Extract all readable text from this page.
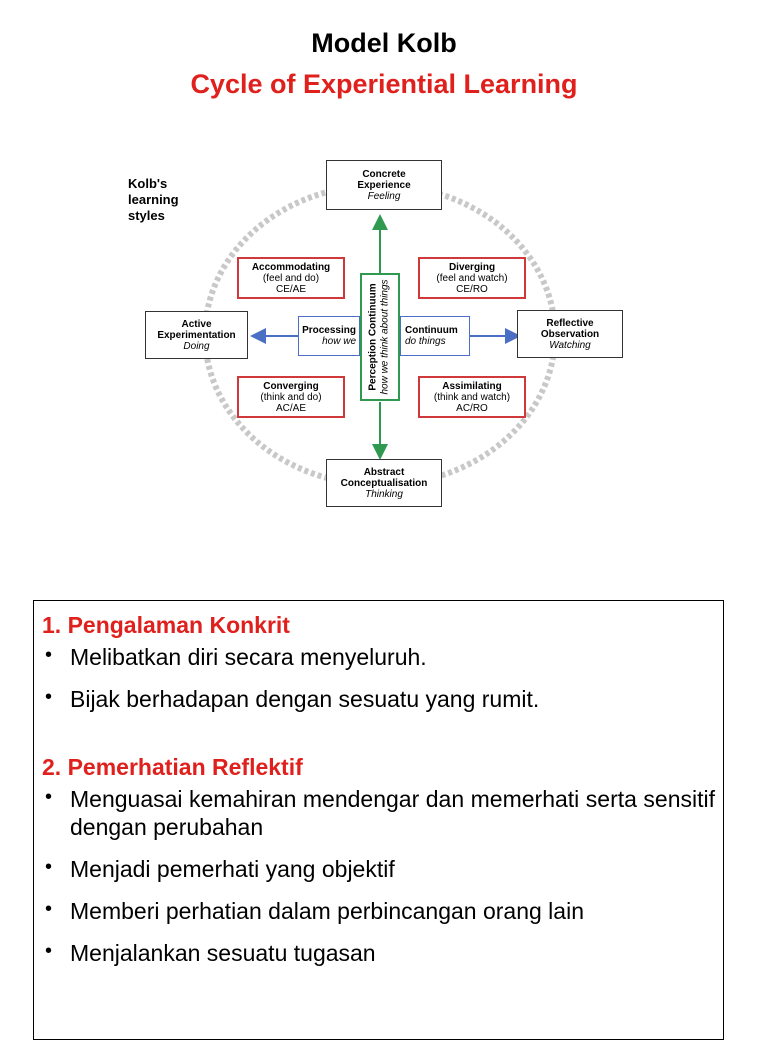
Model Kolb
Cycle of Experiential Learning
Kolb's
learning
styles
Concrete
Experience
Feeling
Reflective
Observation
Watching
Abstract
Conceptualisation
Thinking
Active
Experimentation
Doing
Accommodating
(feel and do)
CE/AE
Diverging
(feel and watch)
CE/RO
Converging
(think and do)
AC/AE
Assimilating
(think and watch)
AC/RO
Processing
how we
Continuum
do things
Perception Continuum how we think about things

1. Pengalaman Konkrit

• Melibatkan diri secara menyeluruh.
• Bijak berhadapan dengan sesuatu yang rumit.

2. Pemerhatian Reflektif

• Menguasai kemahiran mendengar dan memerhati serta sensitif dengan perubahan
• Menjadi pemerhati yang objektif
• Memberi perhatian dalam perbincangan orang lain
• Menjalankan sesuatu tugasan
